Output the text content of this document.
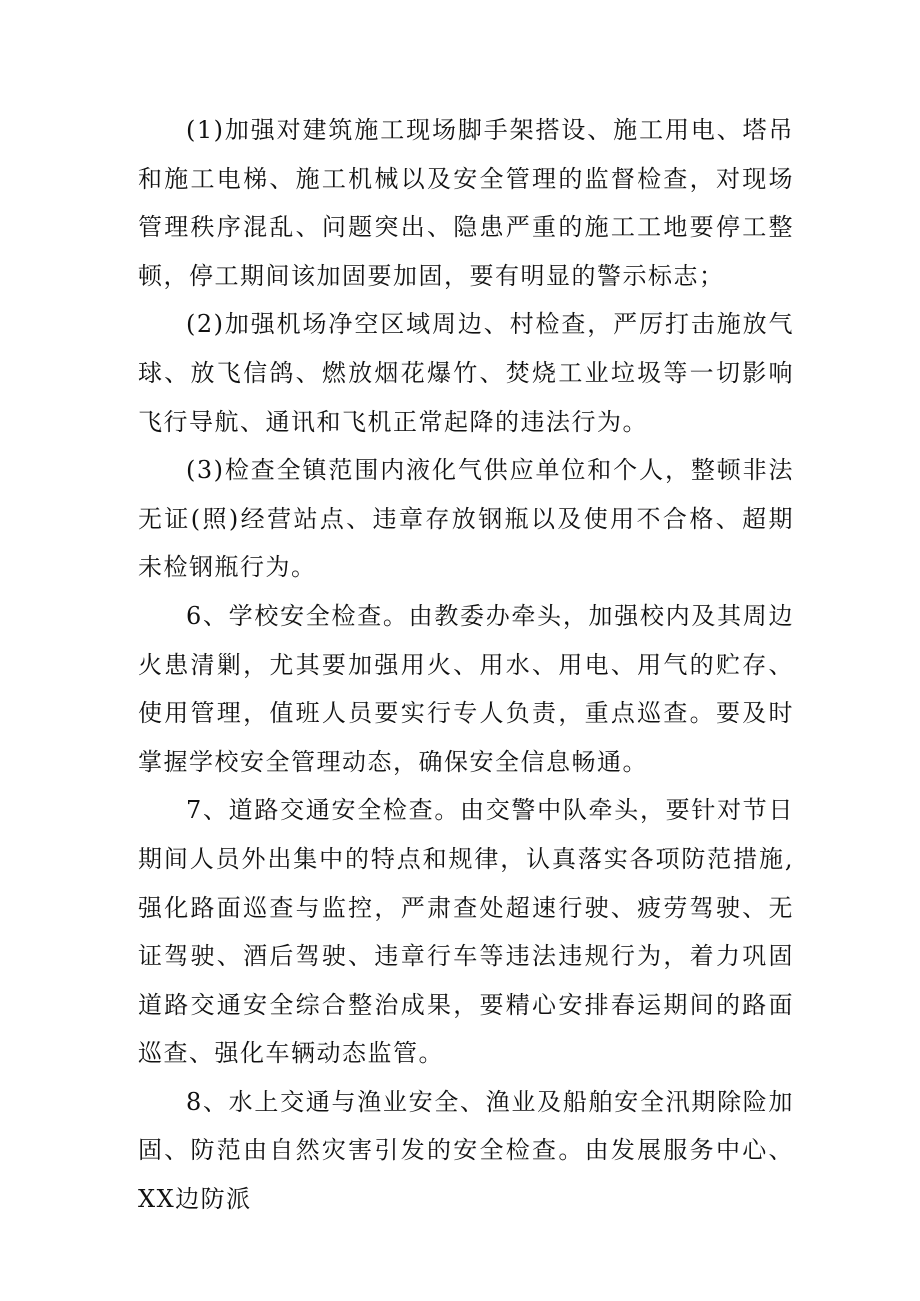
(1)加强对建筑施工现场脚手架搭设、施工用电、塔吊和施工电梯、施工机械以及安全管理的监督检查，对现场管理秩序混乱、问题突出、隐患严重的施工工地要停工整顿，停工期间该加固要加固，要有明显的警示标志；

(2)加强机场净空区域周边、村检查，严厉打击施放气球、放飞信鸽、燃放烟花爆竹、焚烧工业垃圾等一切影响飞行导航、通讯和飞机正常起降的违法行为。

(3)检查全镇范围内液化气供应单位和个人，整顿非法无证(照)经营站点、违章存放钢瓶以及使用不合格、超期未检钢瓶行为。

6、学校安全检查。由教委办牵头，加强校内及其周边火患清剿，尤其要加强用火、用水、用电、用气的贮存、使用管理，值班人员要实行专人负责，重点巡查。要及时掌握学校安全管理动态，确保安全信息畅通。

7、道路交通安全检查。由交警中队牵头，要针对节日期间人员外出集中的特点和规律，认真落实各项防范措施,强化路面巡查与监控，严肃查处超速行驶、疲劳驾驶、无证驾驶、酒后驾驶、违章行车等违法违规行为，着力巩固道路交通安全综合整治成果，要精心安排春运期间的路面巡查、强化车辆动态监管。

8、水上交通与渔业安全、渔业及船舶安全汛期除险加固、防范由自然灾害引发的安全检查。由发展服务中心、XX边防派
